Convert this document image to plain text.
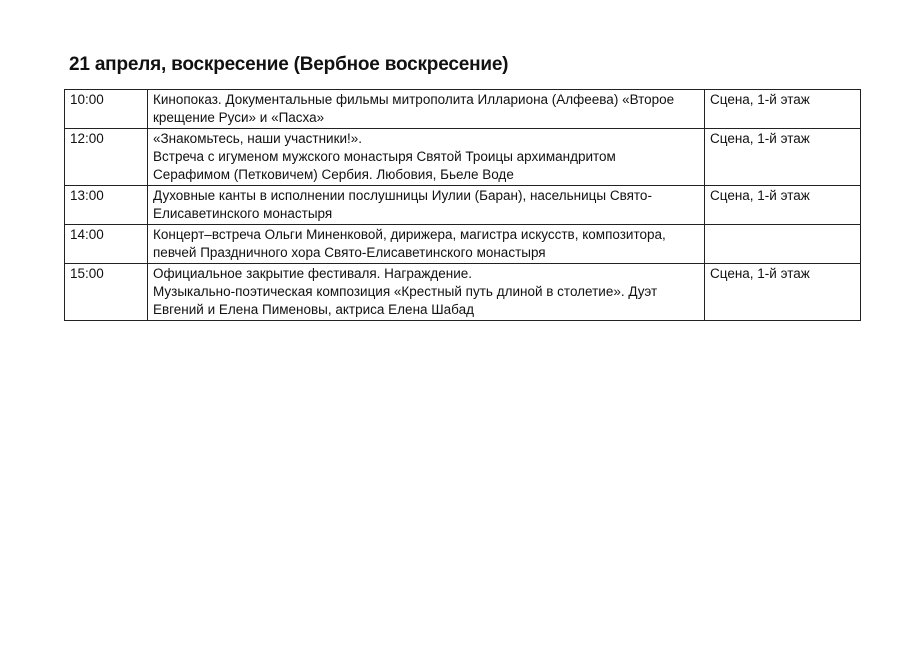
21 апреля, воскресение (Вербное воскресение)
10:00	Кинопоказ. Документальные фильмы митрополита Иллариона (Алфеева) «Второе
крещение Руси» и «Пасха»	Сцена, 1-й этаж
12:00	«Знакомьтесь, наши участники!».
Встреча с игуменом мужского монастыря Святой Троицы архимандритом
Серафимом (Петковичем) Сербия. Любовия, Бьеле Воде	Сцена, 1-й этаж
13:00	Духовные канты в исполнении послушницы Иулии (Баран), насельницы Свято-
Елисаветинского монастыря	Сцена, 1-й этаж
14:00	Концерт–встреча Ольги Миненковой, дирижера, магистра искусств, композитора,
певчей Праздничного хора Свято-Елисаветинского монастыря	

15:00	Официальное закрытие фестиваля. Награждение.
Музыкально-поэтическая композиция «Крестный путь длиной в столетие». Дуэт
Евгений и Елена Пименовы, актриса Елена Шабад	Сцена, 1-й этаж
